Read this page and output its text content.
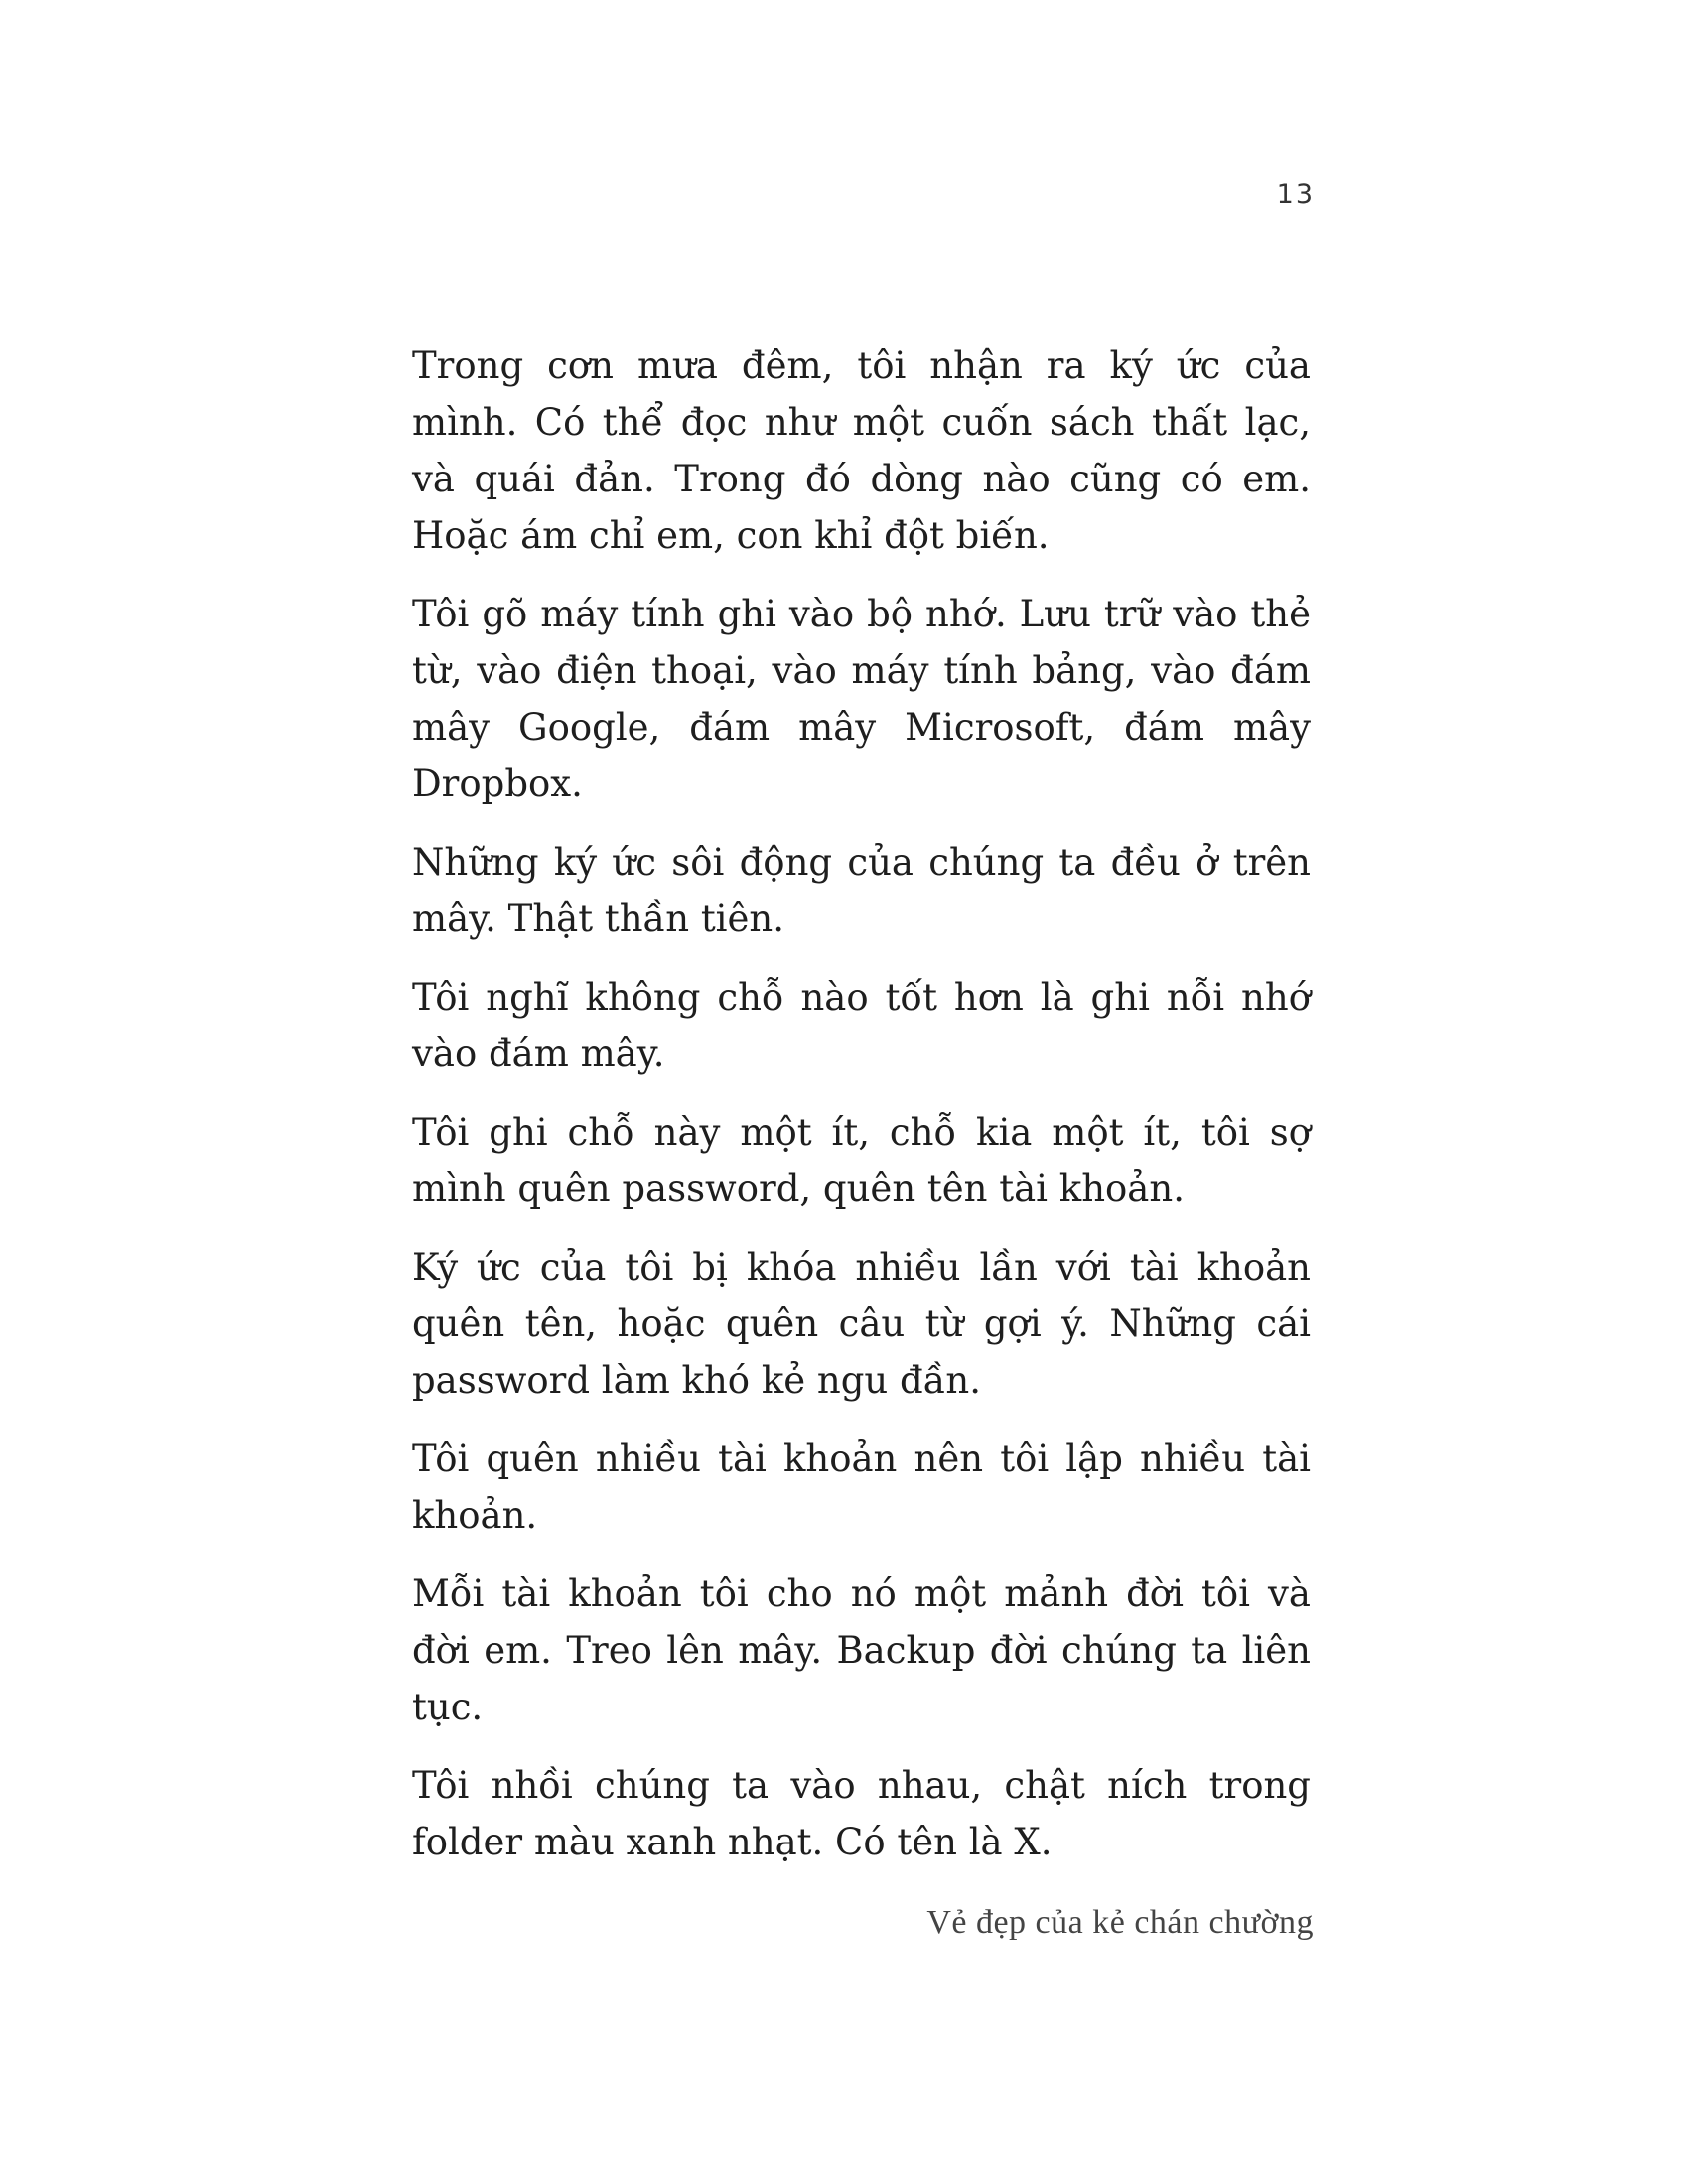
13

Trong cơn mưa đêm, tôi nhận ra ký ức của mình. Có thể đọc như một cuốn sách thất lạc, và quái đản. Trong đó dòng nào cũng có em. Hoặc ám chỉ em, con khỉ đột biến.

Tôi gõ máy tính ghi vào bộ nhớ. Lưu trữ vào thẻ từ, vào điện thoại, vào máy tính bảng, vào đám mây Google, đám mây Microsoft, đám mây Dropbox.

Những ký ức sôi động của chúng ta đều ở trên mây. Thật thần tiên.

Tôi nghĩ không chỗ nào tốt hơn là ghi nỗi nhớ vào đám mây.

Tôi ghi chỗ này một ít, chỗ kia một ít, tôi sợ mình quên password, quên tên tài khoản.

Ký ức của tôi bị khóa nhiều lần với tài khoản quên tên, hoặc quên câu từ gợi ý. Những cái password làm khó kẻ ngu đần.

Tôi quên nhiều tài khoản nên tôi lập nhiều tài khoản.

Mỗi tài khoản tôi cho nó một mảnh đời tôi và đời em. Treo lên mây. Backup đời chúng ta liên tục.

Tôi nhồi chúng ta vào nhau, chật ních trong folder màu xanh nhạt. Có tên là X.

Vẻ đẹp của kẻ chán chường
